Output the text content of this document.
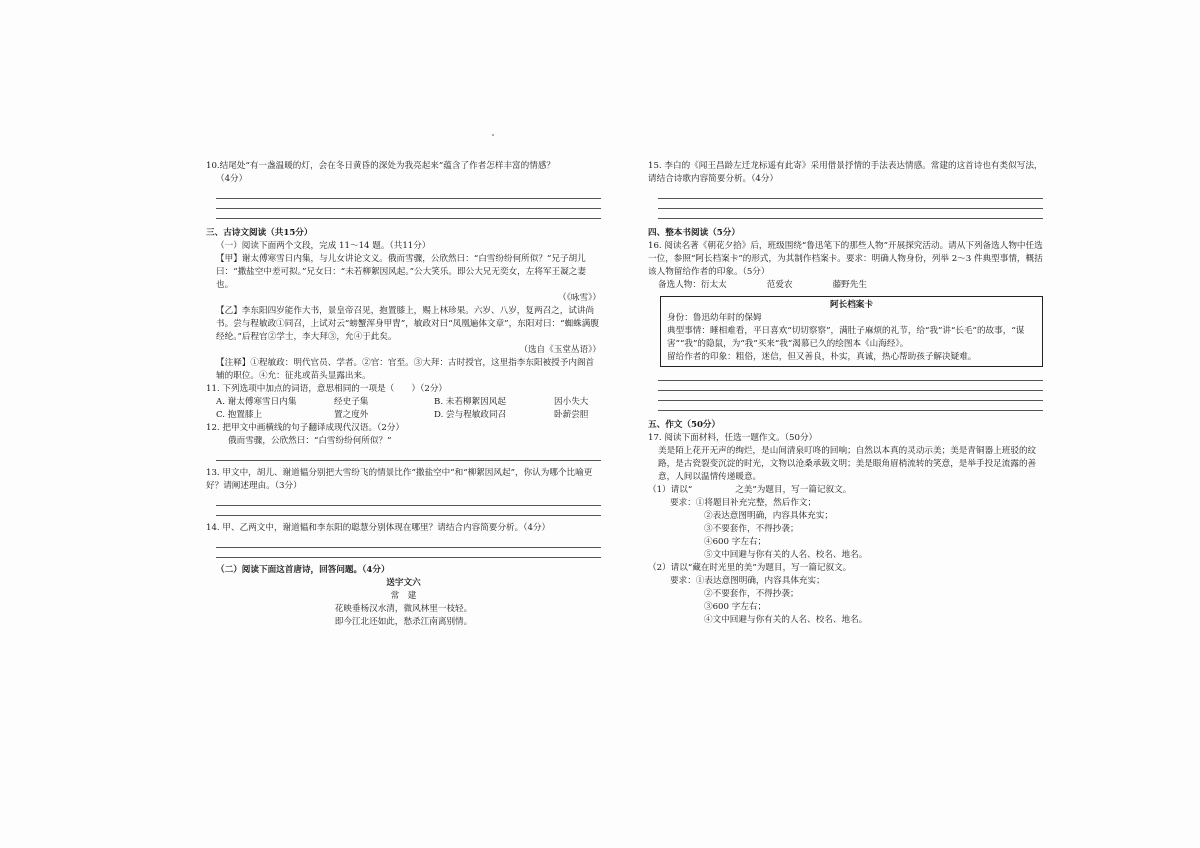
10.结尾处“有一盏温暖的灯，会在冬日黄昏的深处为我亮起来”蕴含了作者怎样丰富的情感？

（4分）

三、古诗文阅读（共15分）

（一）阅读下面两个文段，完成 11～14 题。（共11分）

【甲】谢太傅寒雪日内集，与儿女讲论文义。俄而雪骤，公欣然曰：“白雪纷纷何所似？”兄子胡儿曰：“撒盐空中差可拟。”兄女曰：“未若柳絮因风起。”公大笑乐。即公大兄无奕女，左将军王凝之妻也。

（《咏雪》）

【乙】李东阳四岁能作大书，景皇帝召见，抱置膝上，赐上林珍果。六岁、八岁，复两召之，试讲尚书。尝与程敏政①同召，上试对云“螃蟹浑身甲胄”，敏政对曰“凤凰遍体文章”，东阳对曰：“蜘蛛满腹经纶。”后程官②学士，李大拜③，允④于此矣。

（选自《玉堂丛语》）

【注释】①程敏政：明代官员、学者。②官：官至。③大拜：古时授官，这里指李东阳被授予内阁首辅的职位。④允：征兆或苗头显露出来。

11. 下列选项中加点的词语，意思相同的一项是（　　）（2分）

A. 谢太傅寒雪日内集	经史子集	B. 未若柳絮因风起	因小失大
C. 抱置膝上	置之度外	D. 尝与程敏政同召	卧薪尝胆

12. 把甲文中画横线的句子翻译成现代汉语。（2分）

俄而雪骤，公欣然曰：“白雪纷纷何所似？”

13. 甲文中，胡儿、谢道韫分别把大雪纷飞的情景比作“撒盐空中”和“柳絮因风起”，你认为哪个比喻更好？请阐述理由。（3分）

14. 甲、乙两文中，谢道韫和李东阳的聪慧分别体现在哪里？请结合内容简要分析。（4分）

（二）阅读下面这首唐诗，回答问题。（4分）

送宇文六

常　建

花映垂杨汉水清，微风林里一枝轻。

即今江北还如此，愁杀江南离别情。

15. 李白的《闻王昌龄左迁龙标遥有此寄》采用借景抒情的手法表达情感。常建的这首诗也有类似写法，请结合诗歌内容简要分析。（4分）

四、整本书阅读（5分）

16. 阅读名著《朝花夕拾》后，班级围绕“鲁迅笔下的那些人物”开展探究活动。请从下列备选人物中任选一位，参照“阿长档案卡”的形式，为其制作档案卡。要求：明确人物身份，列举 2～3 件典型事情，概括该人物留给作者的印象。（5分）

备选人物：衍太太	范爱农	藤野先生
阿长档案卡
身份：鲁迅幼年时的保姆
典型事情：睡相难看，平日喜欢“切切察察”，满肚子麻烦的礼节，给“我”讲“长毛”的故事，“谋害”“我”的隐鼠，为“我”买来“我”渴慕已久的绘图本《山海经》。
留给作者的印象：粗俗，迷信，但又善良，朴实，真诚，热心帮助孩子解决疑难。

五、作文（50分）

17. 阅读下面材料，任选一题作文。（50分）

美是陌上花开无声的绚烂，是山间清泉叮咚的回响；自然以本真的灵动示美；美是青铜器上班驳的纹路，是古瓷裂变沉淀的时光，文物以沧桑承载文明；美是眼角眉梢流转的笑意，是举手投足流露的善意，人间以温情传递暖意。

（1）请以“　　　　　之美”为题目，写一篇记叙文。

要求：①将题目补充完整，然后作文；

②表达意图明确，内容具体充实；

③不要套作，不得抄袭；

④600 字左右；

⑤文中回避与你有关的人名、校名、地名。

（2）请以“藏在时光里的美”为题目，写一篇记叙文。

要求：①表达意图明确，内容具体充实；

②不要套作，不得抄袭；

③600 字左右；

④文中回避与你有关的人名、校名、地名。
